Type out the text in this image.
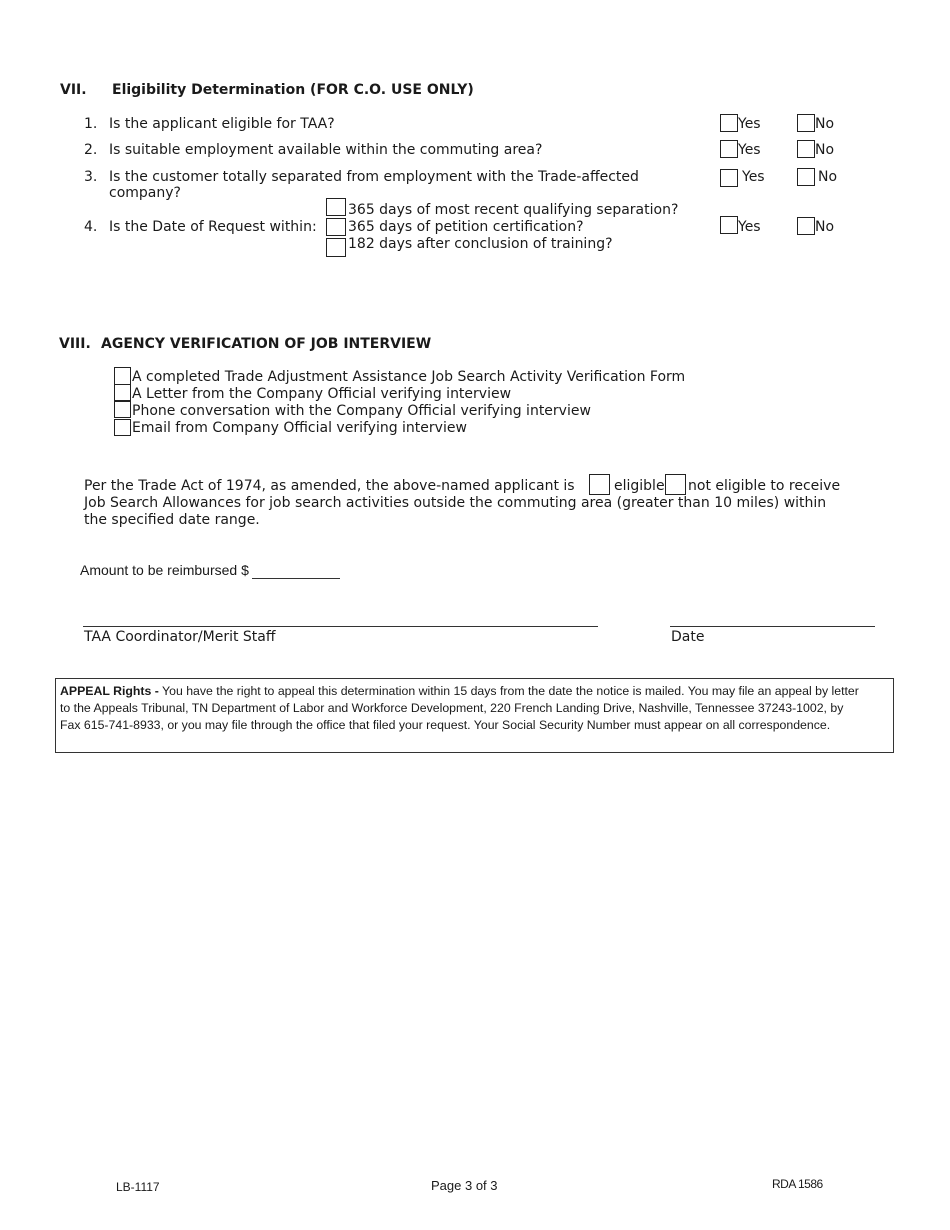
VII. Eligibility Determination (FOR C.O. USE ONLY)
1. Is the applicant eligible for TAA?	Yes	No
2. Is suitable employment available within the commuting area?	Yes	No
3. Is the customer totally separated from employment with the Trade-affected
company?
Yes	No
4. Is the Date of Request within:
365 days of most recent qualifying separation?
365 days of petition certification?
182 days after conclusion of training?
Yes	No
VIII. AGENCY VERIFICATION OF JOB INTERVIEW
A completed Trade Adjustment Assistance Job Search Activity Verification Form
A Letter from the Company Official verifying interview
Phone conversation with the Company Official verifying interview
Email from Company Official verifying interview
Per the Trade Act of 1974, as amended, the above-named applicant is	eligible not eligible to receive
Job Search Allowances for job search activities outside the commuting area (greater than 10 miles) within
the specified date range.
Amount to be reimbursed $
TAA Coordinator/Merit Staff	Date
APPEAL Rights - You have the right to appeal this determination within 15 days from the date the notice is mailed. You may file an appeal by letter
to the Appeals Tribunal, TN Department of Labor and Workforce Development, 220 French Landing Drive, Nashville, Tennessee 37243-1002, by
Fax 615-741-8933, or you may file through the office that filed your request. Your Social Security Number must appear on all correspondence.
LB-1117	Page 3 of 3	RDA 1586
